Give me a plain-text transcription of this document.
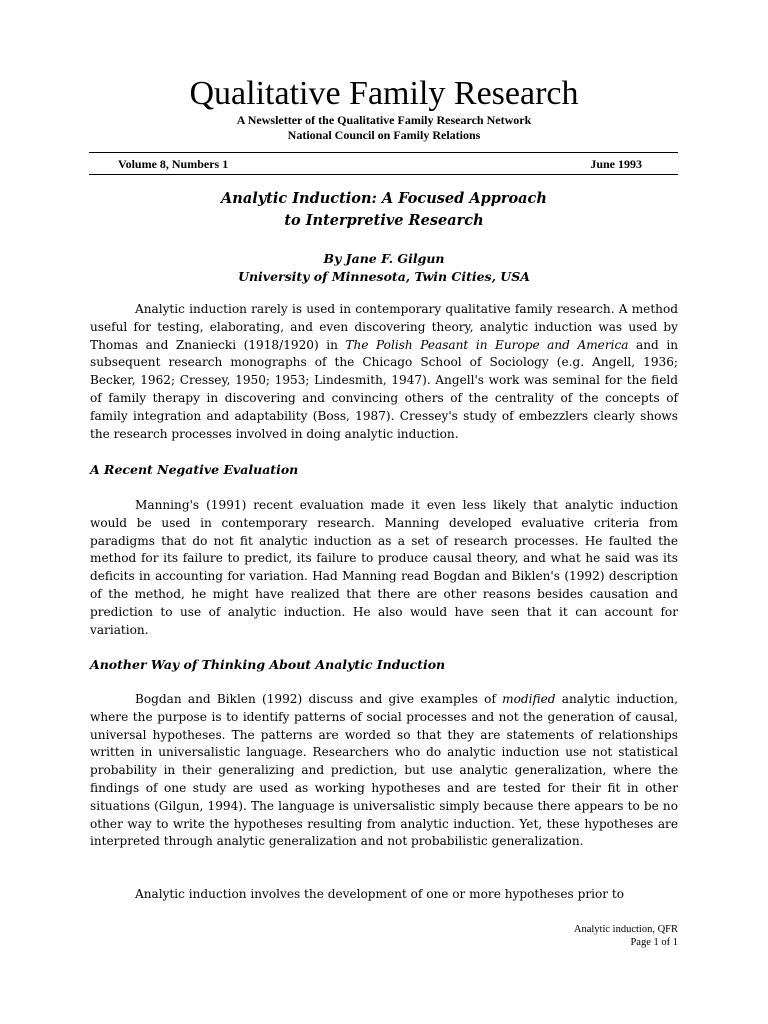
Qualitative Family Research
A Newsletter of the Qualitative Family Research Network
National Council on Family Relations
Volume 8, Numbers 1	June 1993
Analytic Induction: A Focused Approach
to Interpretive Research
By Jane F. Gilgun
University of Minnesota, Twin Cities, USA

Analytic induction rarely is used in contemporary qualitative family research. A method useful for testing, elaborating, and even discovering theory, analytic induction was used by Thomas and Znaniecki (1918/1920) in The Polish Peasant in Europe and America and in subsequent research monographs of the Chicago School of Sociology (e.g. Angell, 1936; Becker, 1962; Cressey, 1950; 1953; Lindesmith, 1947). Angell's work was seminal for the field of family therapy in discovering and convincing others of the centrality of the concepts of family integration and adaptability (Boss, 1987). Cressey's study of embezzlers clearly shows the research processes involved in doing analytic induction.

A Recent Negative Evaluation

Manning's (1991) recent evaluation made it even less likely that analytic induction would be used in contemporary research. Manning developed evaluative criteria from paradigms that do not fit analytic induction as a set of research processes. He faulted the method for its failure to predict, its failure to produce causal theory, and what he said was its deficits in accounting for variation. Had Manning read Bogdan and Biklen's (1992) description of the method, he might have realized that there are other reasons besides causation and prediction to use of analytic induction. He also would have seen that it can account for variation.

Another Way of Thinking About Analytic Induction

Bogdan and Biklen (1992) discuss and give examples of modified analytic induction, where the purpose is to identify patterns of social processes and not the generation of causal, universal hypotheses. The patterns are worded so that they are statements of relationships written in universalistic language. Researchers who do analytic induction use not statistical probability in their generalizing and prediction, but use analytic generalization, where the findings of one study are used as working hypotheses and are tested for their fit in other situations (Gilgun, 1994). The language is universalistic simply because there appears to be no other way to write the hypotheses resulting from analytic induction. Yet, these hypotheses are interpreted through analytic generalization and not probabilistic generalization.

Analytic induction involves the development of one or more hypotheses prior to

Analytic induction, QFR
Page 1 of 1
